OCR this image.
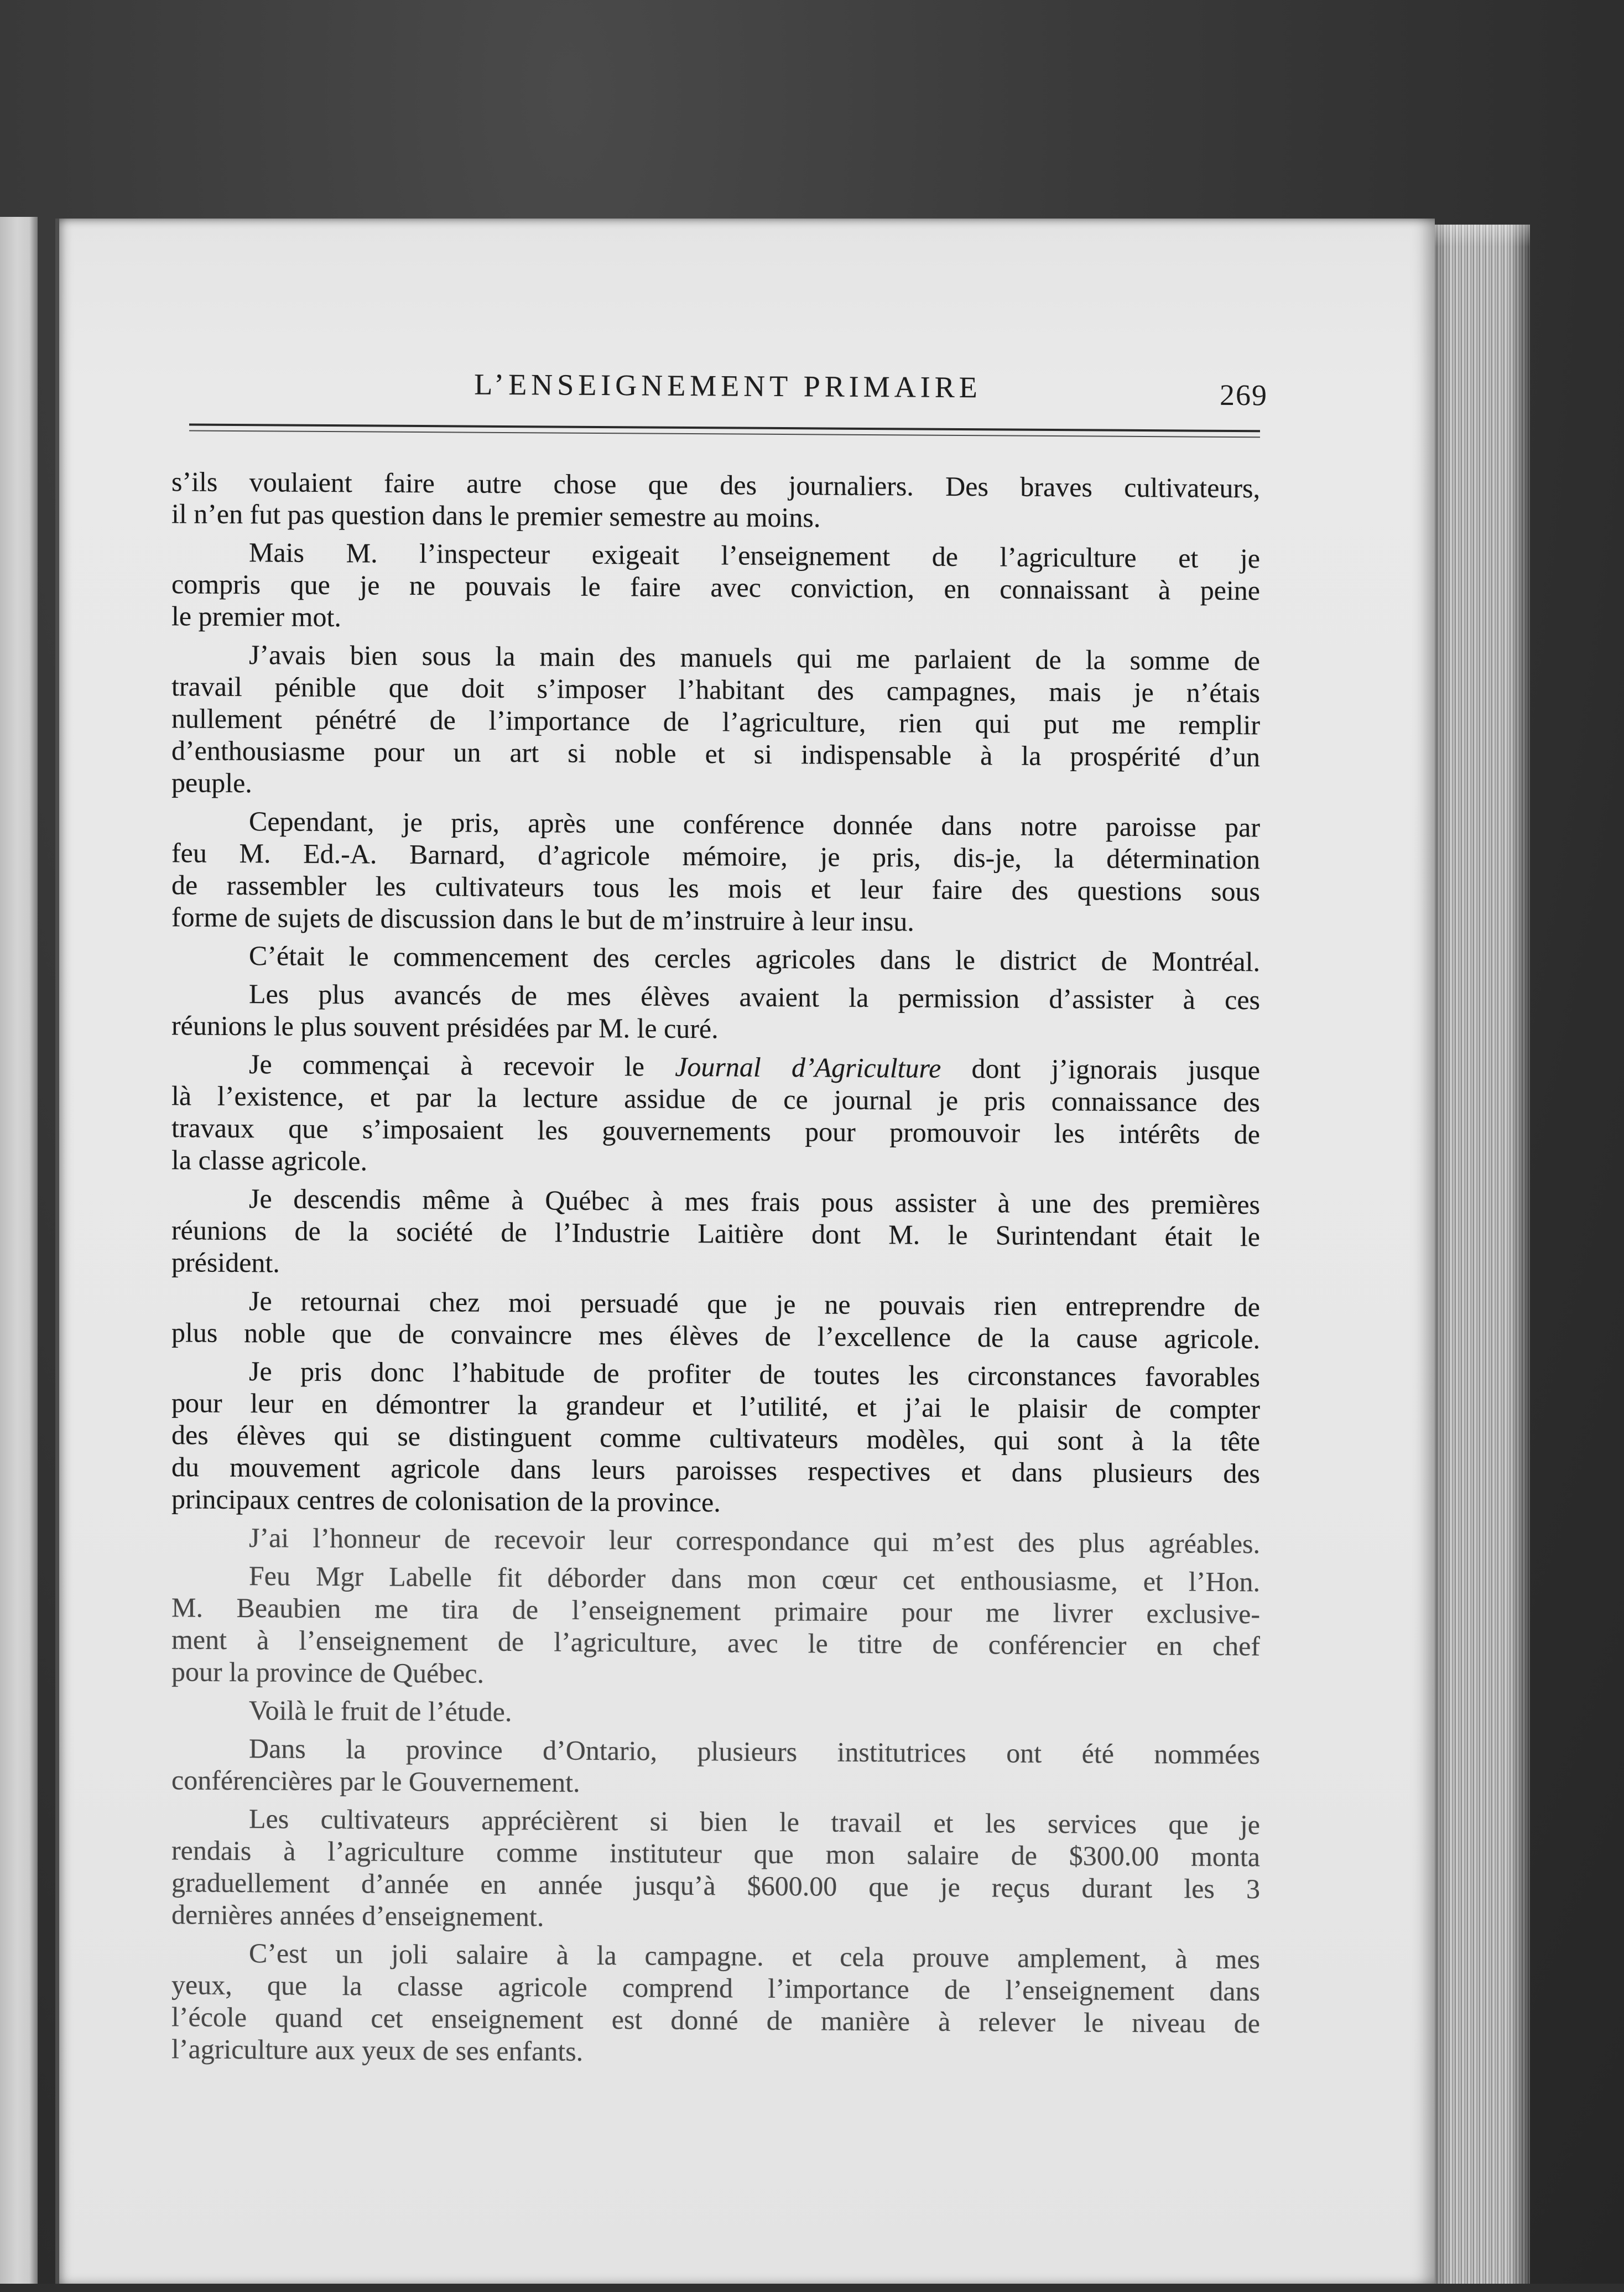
L’ENSEIGNEMENT PRIMAIRE	269
s’ils voulaient faire autre chose que des journaliers. Des braves cultivateurs,
il n’en fut pas question dans le premier semestre au moins.
Mais M. l’inspecteur exigeait l’enseignement de l’agriculture et je
compris que je ne pouvais le faire avec conviction, en connaissant à peine
le premier mot.
J’avais bien sous la main des manuels qui me parlaient de la somme de
travail pénible que doit s’imposer l’habitant des campagnes, mais je n’étais
nullement pénétré de l’importance de l’agriculture, rien qui put me remplir
d’enthousiasme pour un art si noble et si indispensable à la prospérité d’un
peuple.
Cependant, je pris, après une conférence donnée dans notre paroisse par
feu M. Ed.-A. Barnard, d’agricole mémoire, je pris, dis-je, la détermination
de rassembler les cultivateurs tous les mois et leur faire des questions sous
forme de sujets de discussion dans le but de m’instruire à leur insu.
C’était le commencement des cercles agricoles dans le district de Montréal.
Les plus avancés de mes élèves avaient la permission d’assister à ces
réunions le plus souvent présidées par M. le curé.
Je commençai à recevoir le Journal d’Agriculture dont j’ignorais jusque
là l’existence, et par la lecture assidue de ce journal je pris connaissance des
travaux que s’imposaient les gouvernements pour promouvoir les intérêts de
la classe agricole.
Je descendis même à Québec à mes frais pous assister à une des premières
réunions de la société de l’Industrie Laitière dont M. le Surintendant était le
président.
Je retournai chez moi persuadé que je ne pouvais rien entreprendre de
plus noble que de convaincre mes élèves de l’excellence de la cause agricole.
Je pris donc l’habitude de profiter de toutes les circonstances favorables
pour leur en démontrer la grandeur et l’utilité, et j’ai le plaisir de compter
des élèves qui se distinguent comme cultivateurs modèles, qui sont à la tête
du mouvement agricole dans leurs paroisses respectives et dans plusieurs des
principaux centres de colonisation de la province.
J’ai l’honneur de recevoir leur correspondance qui m’est des plus agréables.
Feu Mgr Labelle fit déborder dans mon cœur cet enthousiasme, et l’Hon.
M. Beaubien me tira de l’enseignement primaire pour me livrer exclusive-
ment à l’enseignement de l’agriculture, avec le titre de conférencier en chef
pour la province de Québec.
Voilà le fruit de l’étude.
Dans la province d’Ontario, plusieurs institutrices ont été nommées
conférencières par le Gouvernement.
Les cultivateurs apprécièrent si bien le travail et les services que je
rendais à l’agriculture comme instituteur que mon salaire de $300.00 monta
graduellement d’année en année jusqu’à $600.00 que je reçus durant les 3
dernières années d’enseignement.
C’est un joli salaire à la campagne. et cela prouve amplement, à mes
yeux, que la classe agricole comprend l’importance de l’enseignement dans
l’école quand cet enseignement est donné de manière à relever le niveau de
l’agriculture aux yeux de ses enfants.
